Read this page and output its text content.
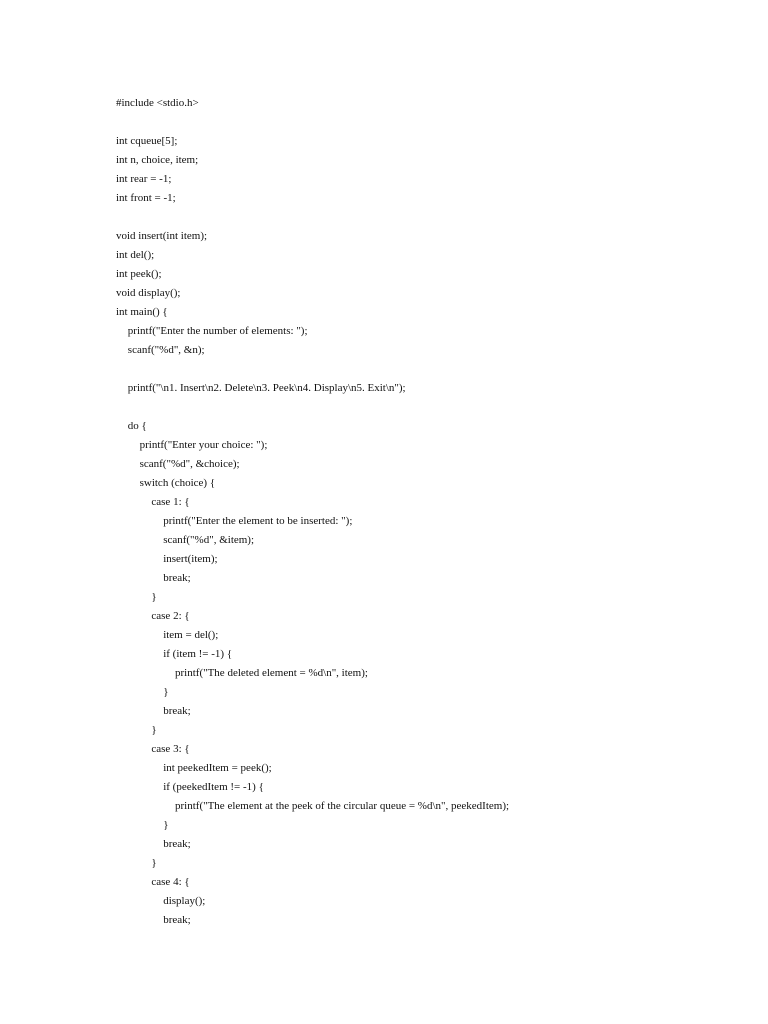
#include <stdio.h>
int cqueue[5];
int n, choice, item;
int rear = -1;
int front = -1;
void insert(int item);
int del();
int peek();
void display();
int main() {
printf("Enter the number of elements: ");
scanf("%d", &n);
printf("\n1. Insert\n2. Delete\n3. Peek\n4. Display\n5. Exit\n");
do {
printf("Enter your choice: ");
scanf("%d", &choice);
switch (choice) {
case 1: {
printf("Enter the element to be inserted: ");
scanf("%d", &item);
insert(item);
break;
}
case 2: {
item = del();
if (item != -1) {
printf("The deleted element = %d\n", item);
}
break;
}
case 3: {
int peekedItem = peek();
if (peekedItem != -1) {
printf("The element at the peek of the circular queue = %d\n", peekedItem);
}
break;
}
case 4: {
display();
break;
